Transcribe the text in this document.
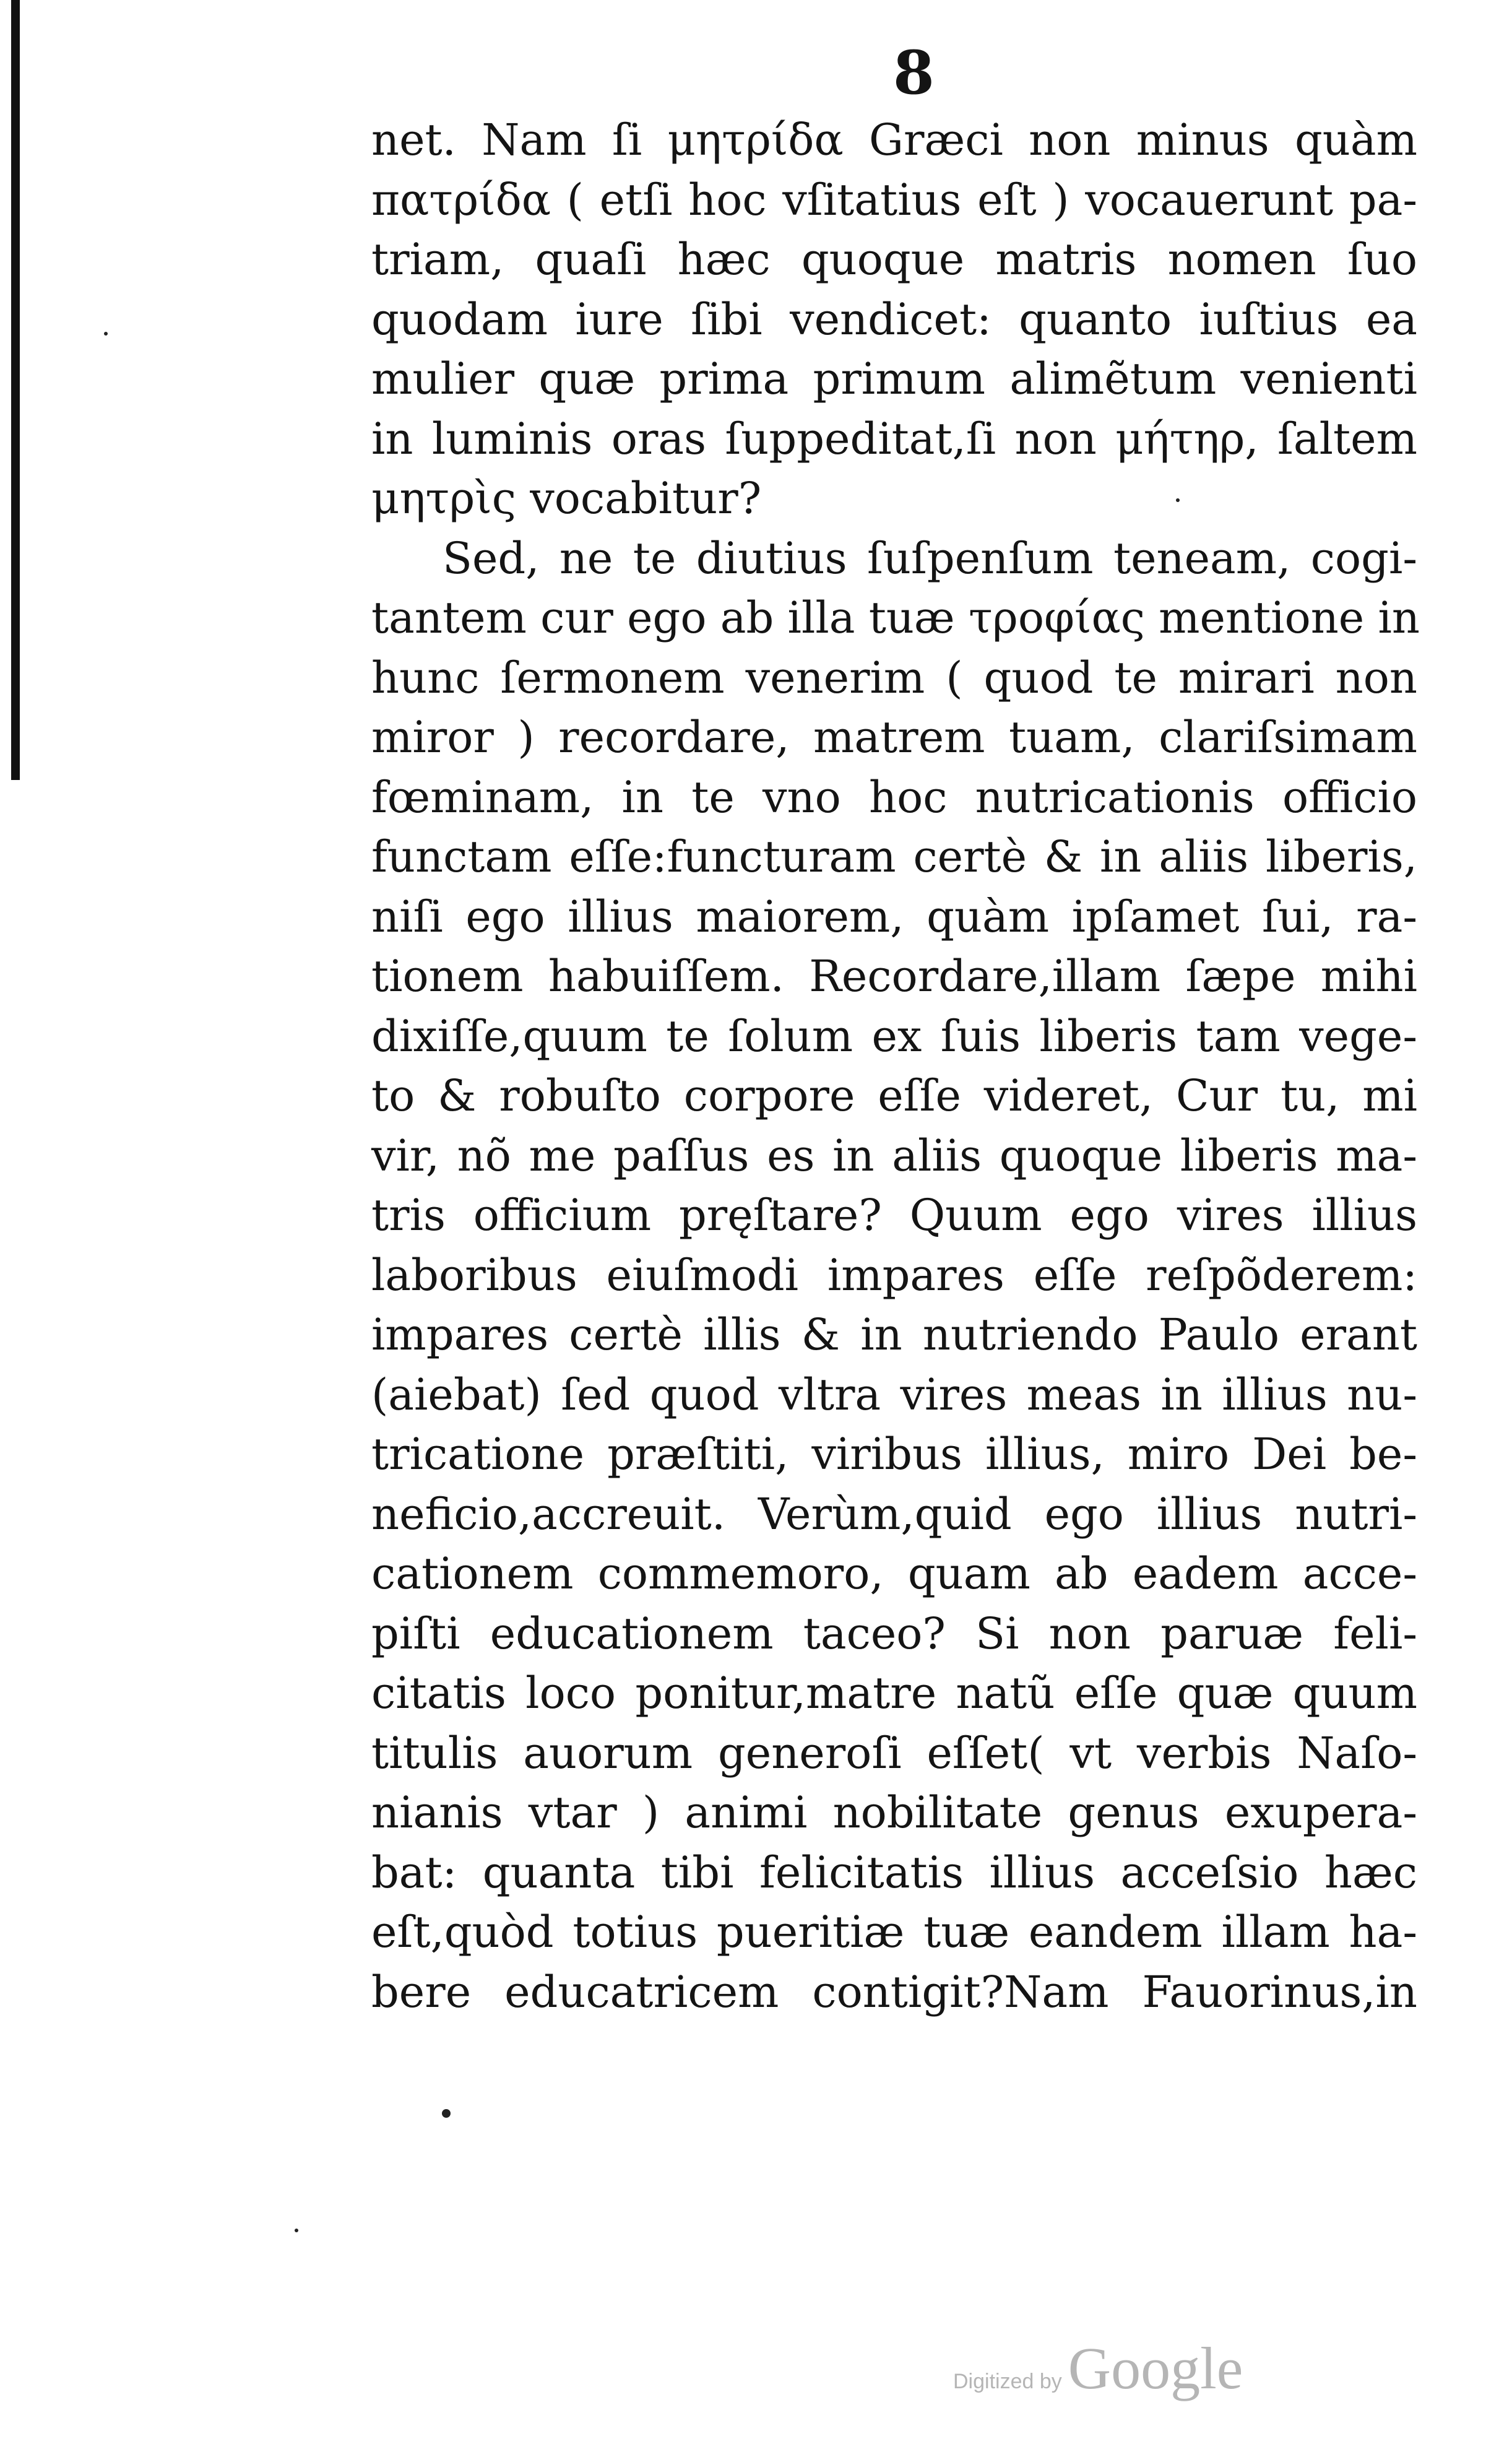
8
net. Nam ſi μητρίδα Græci non minus quàm
πατρίδα ( etſi hoc vſitatius eſt ) vocauerunt pa-
triam, quaſi hæc quoque matris nomen ſuo
quodam iure ſibi vendicet: quanto iuſtius ea
mulier quæ prima primum alimẽtum venienti
in luminis oras ſuppeditat,ſi non μήτηρ, ſaltem
μητρὶς vocabitur?
Sed, ne te diutius ſuſpenſum teneam, cogi-
tantem cur ego ab illa tuæ τροφίας mentione in
hunc ſermonem venerim ( quod te mirari non
miror ) recordare, matrem tuam, clariſsimam
fœminam, in te vno hoc nutricationis officio
functam eſſe:functuram certè & in aliis liberis,
niſi ego illius maiorem, quàm ipſamet ſui, ra-
tionem habuiſſem. Recordare,illam ſæpe mihi
dixiſſe,quum te ſolum ex ſuis liberis tam vege-
to & robuſto corpore eſſe videret, Cur tu, mi
vir, nõ me paſſus es in aliis quoque liberis ma-
tris officium pręſtare? Quum ego vires illius
laboribus eiuſmodi impares eſſe reſpõderem:
impares certè illis & in nutriendo Paulo erant
(aiebat) ſed quod vltra vires meas in illius nu-
tricatione præſtiti, viribus illius, miro Dei be-
neficio,accreuit. Verùm,quid ego illius nutri-
cationem commemoro, quam ab eadem acce-
piſti educationem taceo? Si non paruæ feli-
citatis loco ponitur,matre natũ eſſe quæ quum
titulis auorum generoſi eſſet( vt verbis Naſo-
nianis vtar ) animi nobilitate genus exupera-
bat: quanta tibi felicitatis illius acceſsio hæc
eſt,quòd totius pueritiæ tuæ eandem illam ha-
bere educatricem contigit?Nam Fauorinus,in
Digitized by Google
